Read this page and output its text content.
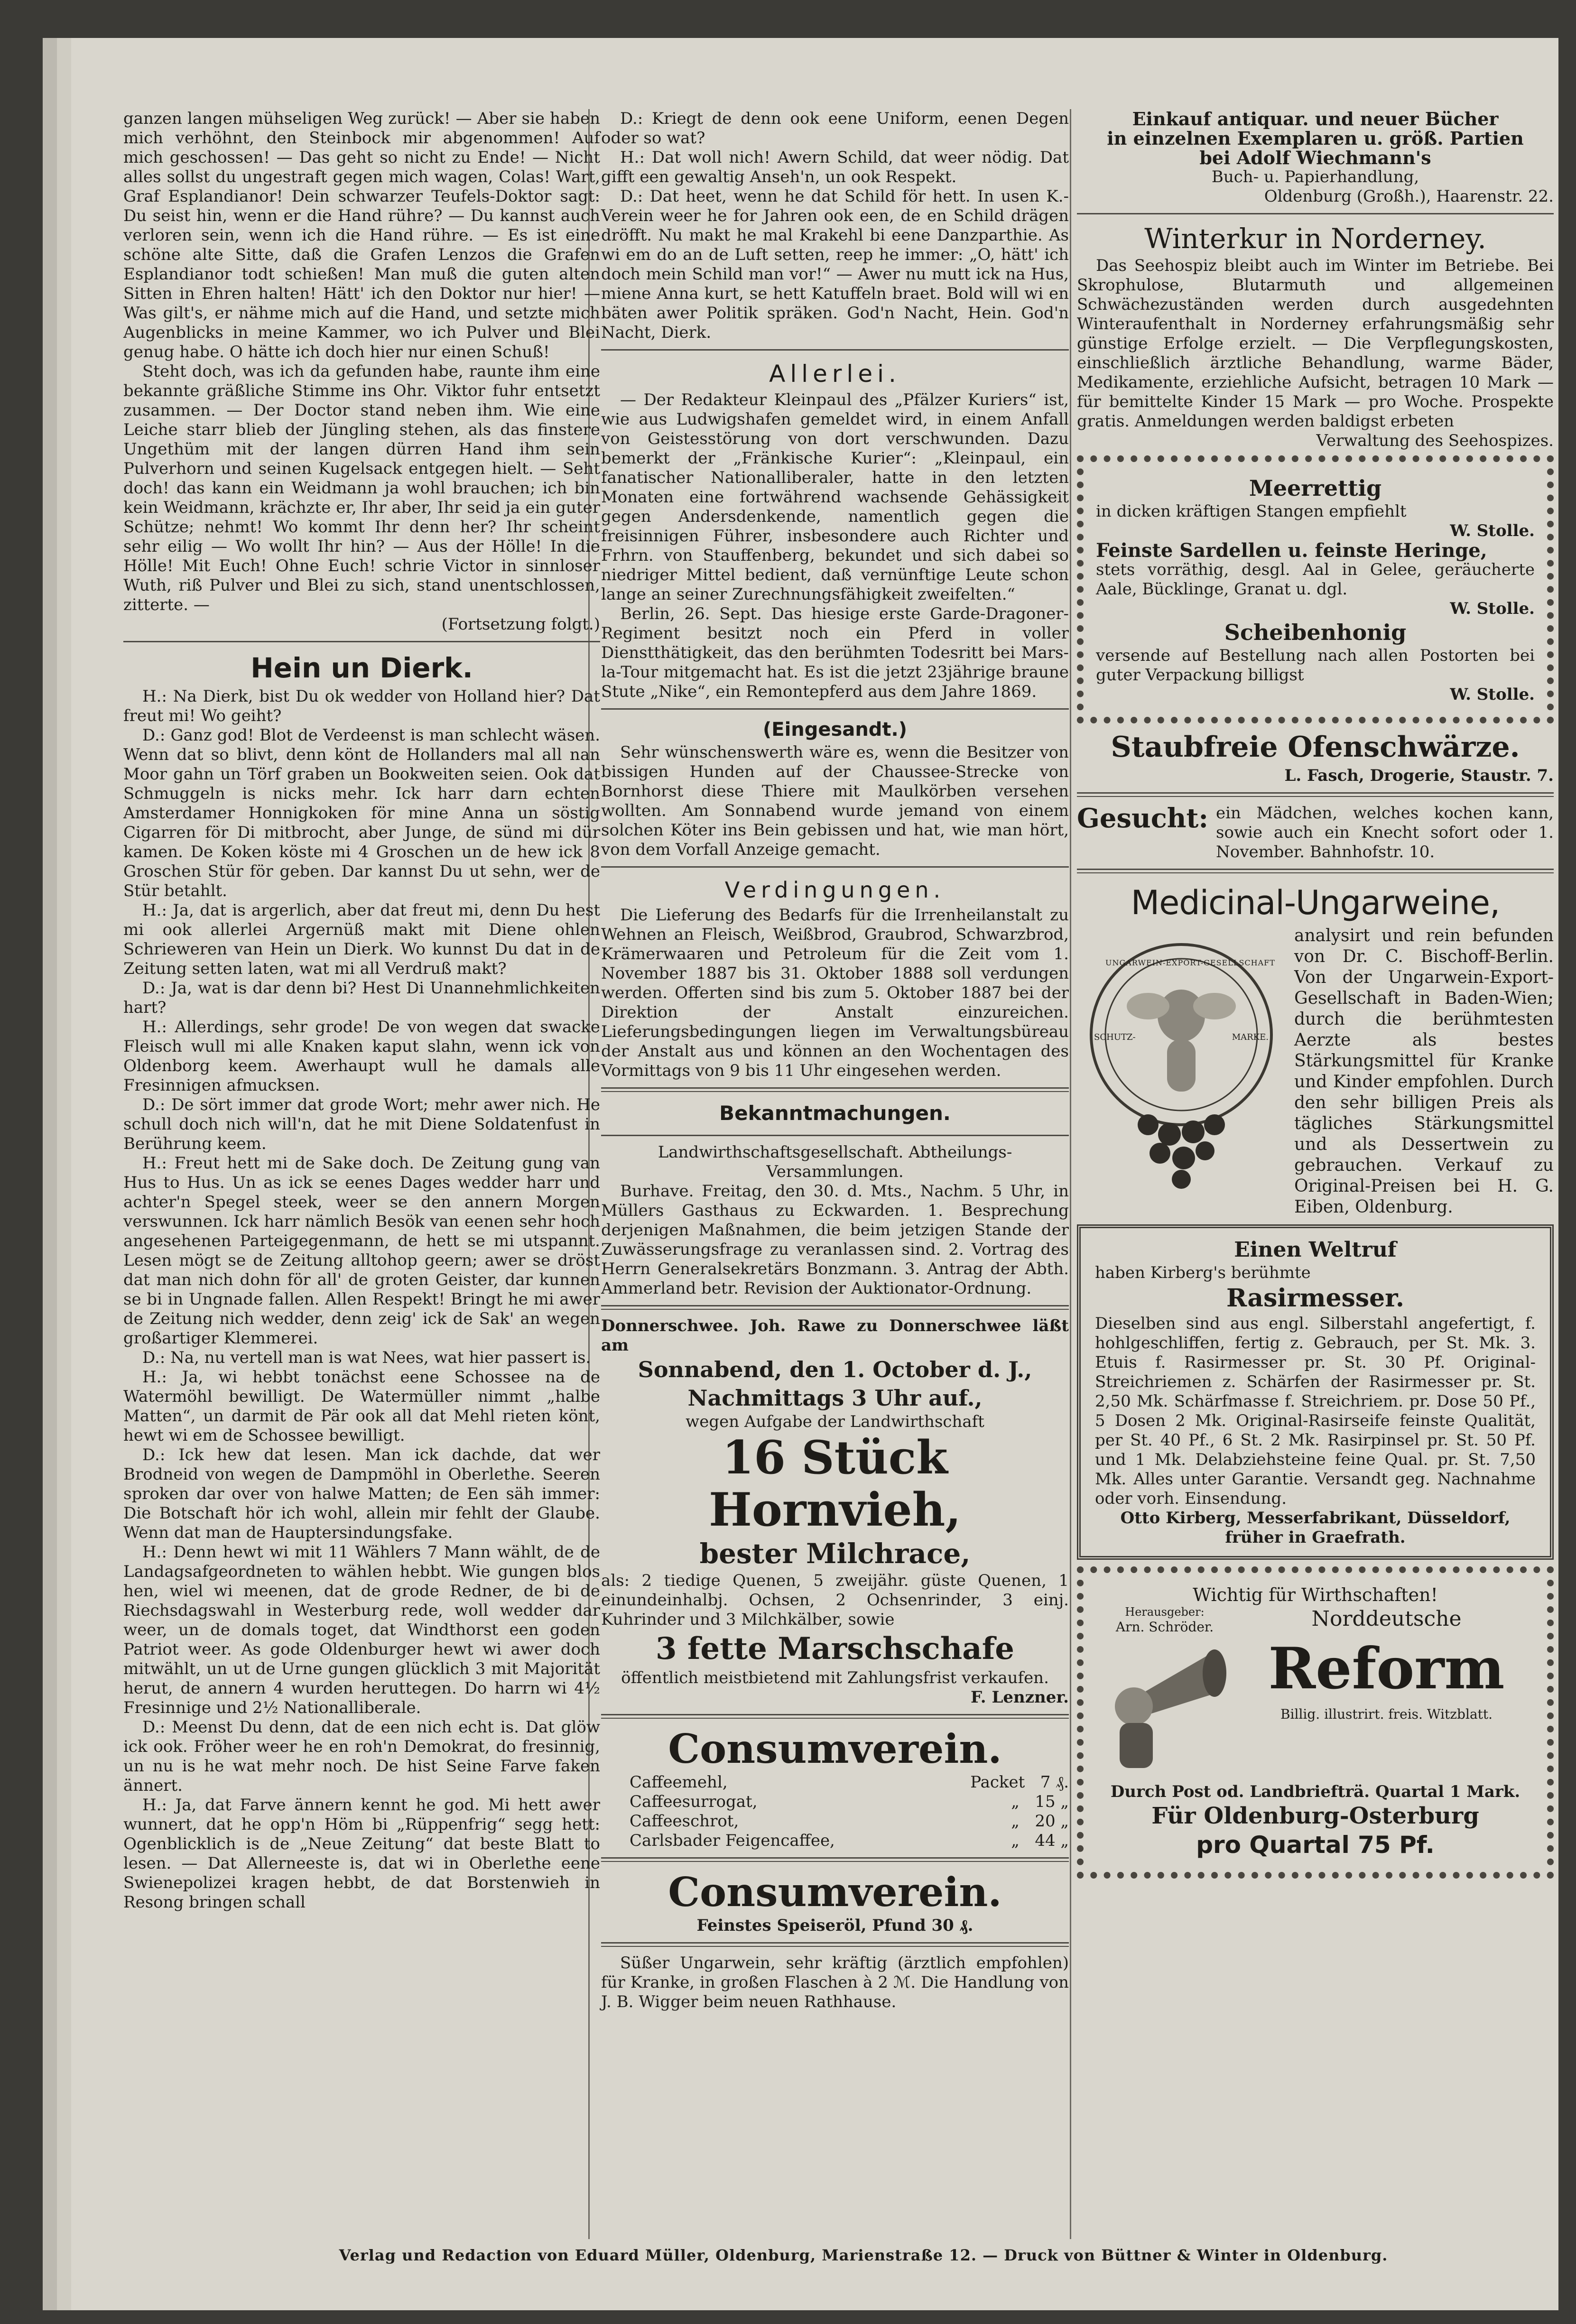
ganzen langen mühseligen Weg zurück! — Aber sie haben mich verhöhnt, den Steinbock mir abgenommen! Auf mich geschossen! — Das geht so nicht zu Ende! — Nicht alles sollst du ungestraft gegen mich wagen, Colas! Wart, Graf Esplandianor! Dein schwarzer Teufels-Doktor sagt: Du seist hin, wenn er die Hand rühre? — Du kannst auch verloren sein, wenn ich die Hand rühre. — Es ist eine schöne alte Sitte, daß die Grafen Lenzos die Grafen Esplandianor todt schießen! Man muß die guten alten Sitten in Ehren halten! Hätt' ich den Doktor nur hier! — Was gilt's, er nähme mich auf die Hand, und setzte mich Augenblicks in meine Kammer, wo ich Pulver und Blei genug habe. O hätte ich doch hier nur einen Schuß!

Steht doch, was ich da gefunden habe, raunte ihm eine bekannte gräßliche Stimme ins Ohr. Viktor fuhr entsetzt zusammen. — Der Doctor stand neben ihm. Wie eine Leiche starr blieb der Jüngling stehen, als das finstere Ungethüm mit der langen dürren Hand ihm sein Pulverhorn und seinen Kugelsack entgegen hielt. — Seht doch! das kann ein Weidmann ja wohl brauchen; ich bin kein Weidmann, krächzte er, Ihr aber, Ihr seid ja ein guter Schütze; nehmt! Wo kommt Ihr denn her? Ihr scheint sehr eilig — Wo wollt Ihr hin? — Aus der Hölle! In die Hölle! Mit Euch! Ohne Euch! schrie Victor in sinnloser Wuth, riß Pulver und Blei zu sich, stand unentschlossen, zitterte. —

(Fortsetzung folgt.)

Hein un Dierk.

H.: Na Dierk, bist Du ok wedder von Holland hier? Dat freut mi! Wo geiht?

D.: Ganz god! Blot de Verdeenst is man schlecht wäsen. Wenn dat so blivt, denn könt de Hollanders mal all nan Moor gahn un Törf graben un Bookweiten seien. Ook dat Schmuggeln is nicks mehr. Ick harr darn echten Amsterdamer Honnigkoken för mine Anna un söstig Cigarren för Di mitbrocht, aber Junge, de sünd mi dür kamen. De Koken köste mi 4 Groschen un de hew ick 8 Groschen Stür för geben. Dar kannst Du ut sehn, wer de Stür betahlt.

H.: Ja, dat is argerlich, aber dat freut mi, denn Du hest mi ook allerlei Argernüß makt mit Diene ohlen Schrieweren van Hein un Dierk. Wo kunnst Du dat in de Zeitung setten laten, wat mi all Verdruß makt?

D.: Ja, wat is dar denn bi? Hest Di Unannehmlichkeiten hart?

H.: Allerdings, sehr grode! De von wegen dat swacke Fleisch wull mi alle Knaken kaput slahn, wenn ick von Oldenborg keem. Awerhaupt wull he damals alle Fresinnigen afmucksen.

D.: De sört immer dat grode Wort; mehr awer nich. He schull doch nich will'n, dat he mit Diene Soldatenfust in Berührung keem.

H.: Freut hett mi de Sake doch. De Zeitung gung van Hus to Hus. Un as ick se eenes Dages wedder harr und achter'n Spegel steek, weer se den annern Morgen verswunnen. Ick harr nämlich Besök van eenen sehr hoch angesehenen Parteigegenmann, de hett se mi utspannt. Lesen mögt se de Zeitung alltohop geern; awer se dröst dat man nich dohn för all' de groten Geister, dar kunnen se bi in Ungnade fallen. Allen Respekt! Bringt he mi awer de Zeitung nich wedder, denn zeig' ick de Sak' an wegen großartiger Klemmerei.

D.: Na, nu vertell man is wat Nees, wat hier passert is.

H.: Ja, wi hebbt tonächst eene Schossee na de Watermöhl bewilligt. De Watermüller nimmt „halbe Matten“, un darmit de Pär ook all dat Mehl rieten könt, hewt wi em de Schossee bewilligt.

D.: Ick hew dat lesen. Man ick dachde, dat wer Brodneid von wegen de Dampmöhl in Oberlethe. Seeren sproken dar over von halwe Matten; de Een säh immer: Die Botschaft hör ich wohl, allein mir fehlt der Glaube. Wenn dat man de Hauptersindungsfake.

H.: Denn hewt wi mit 11 Wählers 7 Mann wählt, de de Landagsafgeordneten to wählen hebbt. Wie gungen blos hen, wiel wi meenen, dat de grode Redner, de bi de Riechsdagswahl in Westerburg rede, woll wedder dar weer, un de domals toget, dat Windthorst een goden Patriot weer. As gode Oldenburger hewt wi awer doch mitwählt, un ut de Urne gungen glücklich 3 mit Majorität herut, de annern 4 wurden heruttegen. Do harrn wi 4½ Fresinnige und 2½ Nationalliberale.

D.: Meenst Du denn, dat de een nich echt is. Dat glöw ick ook. Fröher weer he en roh'n Demokrat, do fresinnig, un nu is he wat mehr noch. De hist Seine Farve faken ännert.

H.: Ja, dat Farve ännern kennt he god. Mi hett awer wunnert, dat he opp'n Höm bi „Rüppenfrig“ segg hett: Ogenblicklich is de „Neue Zeitung“ dat beste Blatt to lesen. — Dat Allerneeste is, dat wi in Oberlethe eene Swienepolizei kragen hebbt, de dat Borstenwieh in Resong bringen schall

D.: Kriegt de denn ook eene Uniform, eenen Degen oder so wat?

H.: Dat woll nich! Awern Schild, dat weer nödig. Dat gifft een gewaltig Anseh'n, un ook Respekt.

D.: Dat heet, wenn he dat Schild för hett. In usen K.-Verein weer he for Jahren ook een, de en Schild drägen dröfft. Nu makt he mal Krakehl bi eene Danzparthie. As wi em do an de Luft setten, reep he immer: „O, hätt' ich doch mein Schild man vor!“ — Awer nu mutt ick na Hus, miene Anna kurt, se hett Katuffeln braet. Bold will wi en bäten awer Politik spräken. God'n Nacht, Hein. God'n Nacht, Dierk.

Allerlei.

— Der Redakteur Kleinpaul des „Pfälzer Kuriers“ ist, wie aus Ludwigshafen gemeldet wird, in einem Anfall von Geistesstörung von dort verschwunden. Dazu bemerkt der „Fränkische Kurier“: „Kleinpaul, ein fanatischer Nationalliberaler, hatte in den letzten Monaten eine fortwährend wachsende Gehässigkeit gegen Andersdenkende, namentlich gegen die freisinnigen Führer, insbesondere auch Richter und Frhrn. von Stauffenberg, bekundet und sich dabei so niedriger Mittel bedient, daß vernünftige Leute schon lange an seiner Zurechnungsfähigkeit zweifelten.“

Berlin, 26. Sept. Das hiesige erste Garde-Dragoner-Regiment besitzt noch ein Pferd in voller Dienstthätigkeit, das den berühmten Todesritt bei Mars-la-Tour mitgemacht hat. Es ist die jetzt 23jährige braune Stute „Nike“, ein Remontepferd aus dem Jahre 1869.

(Eingesandt.)

Sehr wünschenswerth wäre es, wenn die Besitzer von bissigen Hunden auf der Chaussee-Strecke von Bornhorst diese Thiere mit Maulkörben versehen wollten. Am Sonnabend wurde jemand von einem solchen Köter ins Bein gebissen und hat, wie man hört, von dem Vorfall Anzeige gemacht.

Verdingungen.

Die Lieferung des Bedarfs für die Irrenheilanstalt zu Wehnen an Fleisch, Weißbrod, Graubrod, Schwarzbrod, Krämerwaaren und Petroleum für die Zeit vom 1. November 1887 bis 31. Oktober 1888 soll verdungen werden. Offerten sind bis zum 5. Oktober 1887 bei der Direktion der Anstalt einzureichen. Lieferungsbedingungen liegen im Verwaltungsbüreau der Anstalt aus und können an den Wochentagen des Vormittags von 9 bis 11 Uhr eingesehen werden.

Bekanntmachungen.

Landwirthschaftsgesellschaft. Abtheilungs-Versammlungen.

Burhave. Freitag, den 30. d. Mts., Nachm. 5 Uhr, in Müllers Gasthaus zu Eckwarden. 1. Besprechung derjenigen Maßnahmen, die beim jetzigen Stande der Zuwässerungsfrage zu veranlassen sind. 2. Vortrag des Herrn Generalsekretärs Bonzmann. 3. Antrag der Abth. Ammerland betr. Revision der Auktionator-Ordnung.

Donnerschwee. Joh. Rawe zu Donnerschwee läßt am

Sonnabend, den 1. October d. J.,
Nachmittags 3 Uhr auf.,

wegen Aufgabe der Landwirthschaft

16 Stück Hornvieh,
bester Milchrace,

als: 2 tiedige Quenen, 5 zweijähr. güste Quenen, 1 einundeinhalbj. Ochsen, 2 Ochsenrinder, 3 einj. Kuhrinder und 3 Milchkälber, sowie

3 fette Marschschafe

öffentlich meistbietend mit Zahlungsfrist verkaufen.

F. Lenzner.

Consumverein.
Caffeemehl,	Packet 7 ₰.
Caffeesurrogat,	„ 15 „
Caffeeschrot,	„ 20 „
Carlsbader Feigencaffee,	„ 44 „
Consumverein.

Feinstes Speiseröl, Pfund 30 ₰.

Süßer Ungarwein, sehr kräftig (ärztlich empfohlen) für Kranke, in großen Flaschen à 2 ℳ. Die Handlung von J. B. Wigger beim neuen Rathhause.

Einkauf antiquar. und neuer Bücher

in einzelnen Exemplaren u. größ. Partien

bei Adolf Wiechmann's

Buch- u. Papierhandlung,

Oldenburg (Großh.), Haarenstr. 22.

Winterkur in Norderney.

Das Seehospiz bleibt auch im Winter im Betriebe. Bei Skrophulose, Blutarmuth und allgemeinen Schwächezuständen werden durch ausgedehnten Winteraufenthalt in Norderney erfahrungsmäßig sehr günstige Erfolge erzielt. — Die Verpflegungskosten, einschließlich ärztliche Behandlung, warme Bäder, Medikamente, erziehliche Aufsicht, betragen 10 Mark — für bemittelte Kinder 15 Mark — pro Woche. Prospekte gratis. Anmeldungen werden baldigst erbeten

Verwaltung des Seehospizes.

Meerrettig

in dicken kräftigen Stangen empfiehlt

W. Stolle.

Feinste Sardellen u. feinste Heringe,

stets vorräthig, desgl. Aal in Gelee, geräucherte Aale, Bücklinge, Granat u. dgl.

W. Stolle.

Scheibenhonig

versende auf Bestellung nach allen Postorten bei guter Verpackung billigst

W. Stolle.

Staubfreie Ofenschwärze.

L. Fasch, Drogerie, Staustr. 7.

Gesucht: ein Mädchen, welches kochen kann, sowie auch ein Knecht sofort oder 1. November. Bahnhofstr. 10.
Medicinal-Ungarweine,
UNGARWEIN-EXPORT-GESELLSCHAFT
SCHUTZ-	MARKE.

analysirt und rein befunden von Dr. C. Bischoff-Berlin. Von der Ungarwein-Export-Gesellschaft in Baden-Wien; durch die berühmtesten Aerzte als bestes Stärkungsmittel für Kranke und Kinder empfohlen. Durch den sehr billigen Preis als tägliches Stärkungsmittel und als Dessertwein zu gebrauchen. Verkauf zu Original-Preisen bei H. G. Eiben, Oldenburg.

Einen Weltruf

haben Kirberg's berühmte

Rasirmesser.

Dieselben sind aus engl. Silberstahl angefertigt, f. hohlgeschliffen, fertig z. Gebrauch, per St. Mk. 3. Etuis f. Rasirmesser pr. St. 30 Pf. Original-Streichriemen z. Schärfen der Rasirmesser pr. St. 2,50 Mk. Schärfmasse f. Streichriem. pr. Dose 50 Pf., 5 Dosen 2 Mk. Original-Rasirseife feinste Qualität, per St. 40 Pf., 6 St. 2 Mk. Rasirpinsel pr. St. 50 Pf. und 1 Mk. Delabziehsteine feine Qual. pr. St. 7,50 Mk. Alles unter Garantie. Versandt geg. Nachnahme oder vorh. Einsendung.

Otto Kirberg, Messerfabrikant, Düsseldorf, früher in Graefrath.

Wichtig für Wirthschaften!

Herausgeber:
Arn. Schröder.	Norddeutsche
Reform
Billig. illustrirt. freis. Witzblatt.

Durch Post od. Landbriefträ. Quartal 1 Mark.

Für Oldenburg-Osterburg
pro Quartal 75 Pf.
Verlag und Redaction von Eduard Müller, Oldenburg, Marienstraße 12. — Druck von Büttner & Winter in Oldenburg.
